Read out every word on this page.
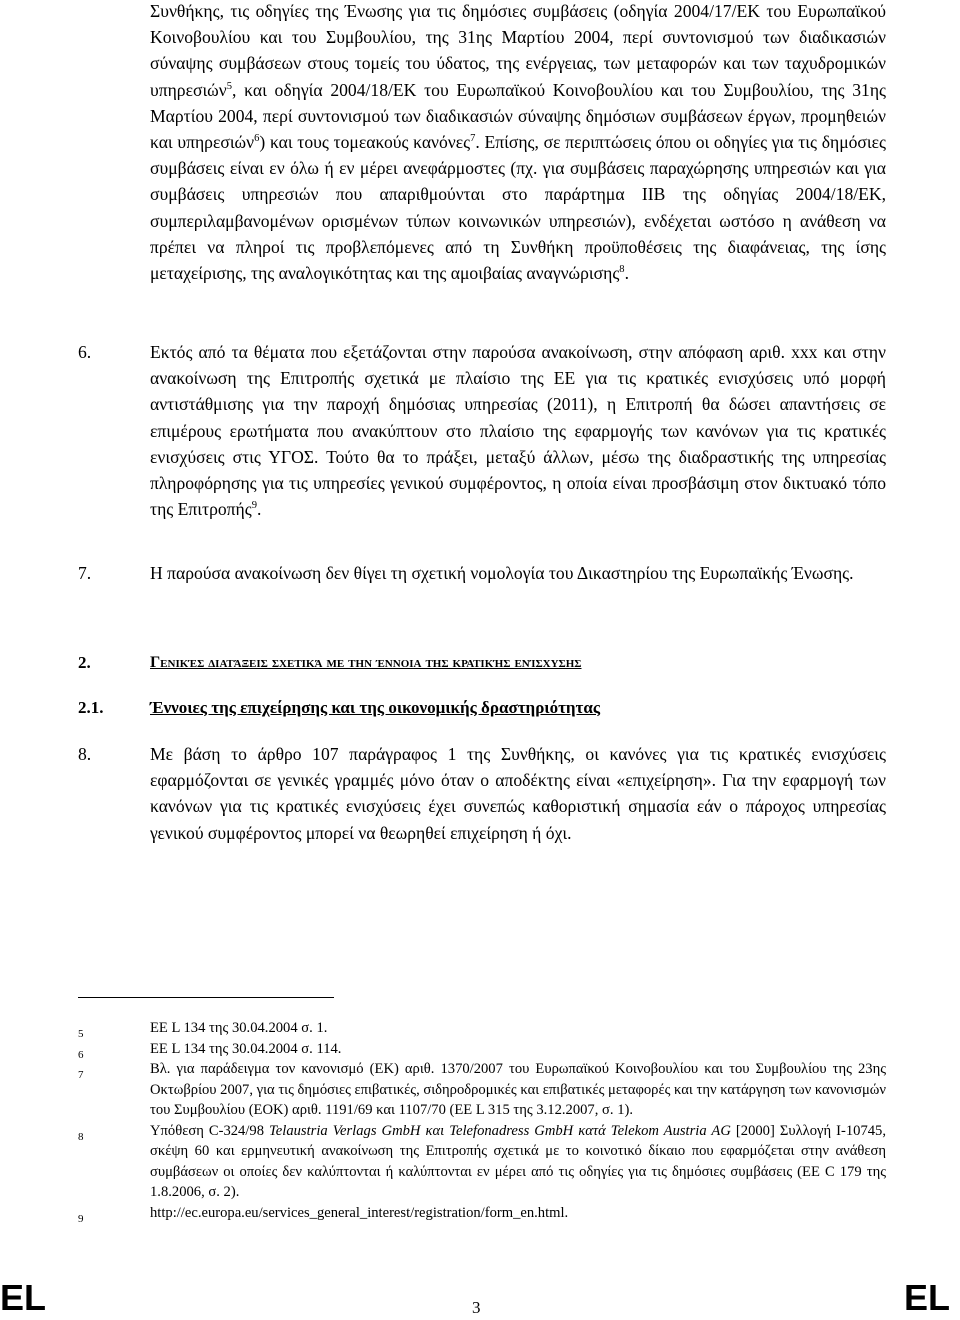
Συνθήκης, τις οδηγίες της Ένωσης για τις δημόσιες συμβάσεις (οδηγία 2004/17/ΕΚ του Ευρωπαϊκού Κοινοβουλίου και του Συμβουλίου, της 31ης Μαρτίου 2004, περί συντονισμού των διαδικασιών σύναψης συμβάσεων στους τομείς του ύδατος, της ενέργειας, των μεταφορών και των ταχυδρομικών υπηρεσιών$^5$, και οδηγία 2004/18/ΕΚ του Ευρωπαϊκού Κοινοβουλίου και του Συμβουλίου, της 31ης Μαρτίου 2004, περί συντονισμού των διαδικασιών σύναψης δημόσιων συμβάσεων έργων, προμηθειών και υπηρεσιών$^6$) και τους τομεακούς κανόνες$^7$. Επίσης, σε περιπτώσεις όπου οι οδηγίες για τις δημόσιες συμβάσεις είναι εν όλω ή εν μέρει ανεφάρμοστες (πχ. για συμβάσεις παραχώρησης υπηρεσιών και για συμβάσεις υπηρεσιών που απαριθμούνται στο παράρτημα ΙΙΒ της οδηγίας 2004/18/ΕΚ, συμπεριλαμβανομένων ορισμένων τύπων κοινωνικών υπηρεσιών), ενδέχεται ωστόσο η ανάθεση να πρέπει να πληροί τις προβλεπόμενες από τη Συνθήκη προϋποθέσεις της διαφάνειας, της ίσης μεταχείρισης, της αναλογικότητας και της αμοιβαίας αναγνώρισης$^8$.
6.	Εκτός από τα θέματα που εξετάζονται στην παρούσα ανακοίνωση, στην απόφαση αριθ. xxx και στην ανακοίνωση της Επιτροπής σχετικά με πλαίσιο της ΕΕ για τις κρατικές ενισχύσεις υπό μορφή αντιστάθμισης για την παροχή δημόσιας υπηρεσίας (2011), η Επιτροπή θα δώσει απαντήσεις σε επιμέρους ερωτήματα που ανακύπτουν στο πλαίσιο της εφαρμογής των κανόνων για τις κρατικές ενισχύσεις στις ΥΓΟΣ. Τούτο θα το πράξει, μεταξύ άλλων, μέσω της διαδραστικής της υπηρεσίας πληροφόρησης για τις υπηρεσίες γενικού συμφέροντος, η οποία είναι προσβάσιμη στον δικτυακό τόπο της Επιτροπής$^9$.
7.	Η παρούσα ανακοίνωση δεν θίγει τη σχετική νομολογία του Δικαστηρίου της Ευρωπαϊκής Ένωσης.
2.	Γενικές διατάξεις σχετικά με την έννοια της κρατικής ενίσχυσης
2.1.	Έννοιες της επιχείρησης και της οικονομικής δραστηριότητας
8.	Με βάση το άρθρο 107 παράγραφος 1 της Συνθήκης, οι κανόνες για τις κρατικές ενισχύσεις εφαρμόζονται σε γενικές γραμμές μόνο όταν ο αποδέκτης είναι «επιχείρηση». Για την εφαρμογή των κανόνων για τις κρατικές ενισχύσεις έχει συνεπώς καθοριστική σημασία εάν ο πάροχος υπηρεσίας γενικού συμφέροντος μπορεί να θεωρηθεί επιχείρηση ή όχι.
5	EE L 134 της 30.04.2004 σ. 1.
6	EE L 134 της 30.04.2004 σ. 114.
7	Βλ. για παράδειγμα τον κανονισμό (ΕΚ) αριθ. 1370/2007 του Ευρωπαϊκού Κοινοβουλίου και του Συμβουλίου της 23ης Οκτωβρίου 2007, για τις δημόσιες επιβατικές, σιδηροδρομικές και επιβατικές μεταφορές και την κατάργηση των κανονισμών του Συμβουλίου (ΕΟΚ) αριθ. 1191/69 και 1107/70 (EE L 315 της 3.12.2007, σ. 1).
8	Υπόθεση C-324/98 Telaustria Verlags GmbH και Telefonadress GmbH κατά Telekom Austria AG [2000] Συλλογή I-10745, σκέψη 60 και ερμηνευτική ανακοίνωση της Επιτροπής σχετικά με το κοινοτικό δίκαιο που εφαρμόζεται στην ανάθεση συμβάσεων οι οποίες δεν καλύπτονται ή καλύπτονται εν μέρει από τις οδηγίες για τις δημόσιες συμβάσεις (EE C 179 της 1.8.2006, σ. 2).
9	http://ec.europa.eu/services_general_interest/registration/form_en.html.
EL	3	EL
